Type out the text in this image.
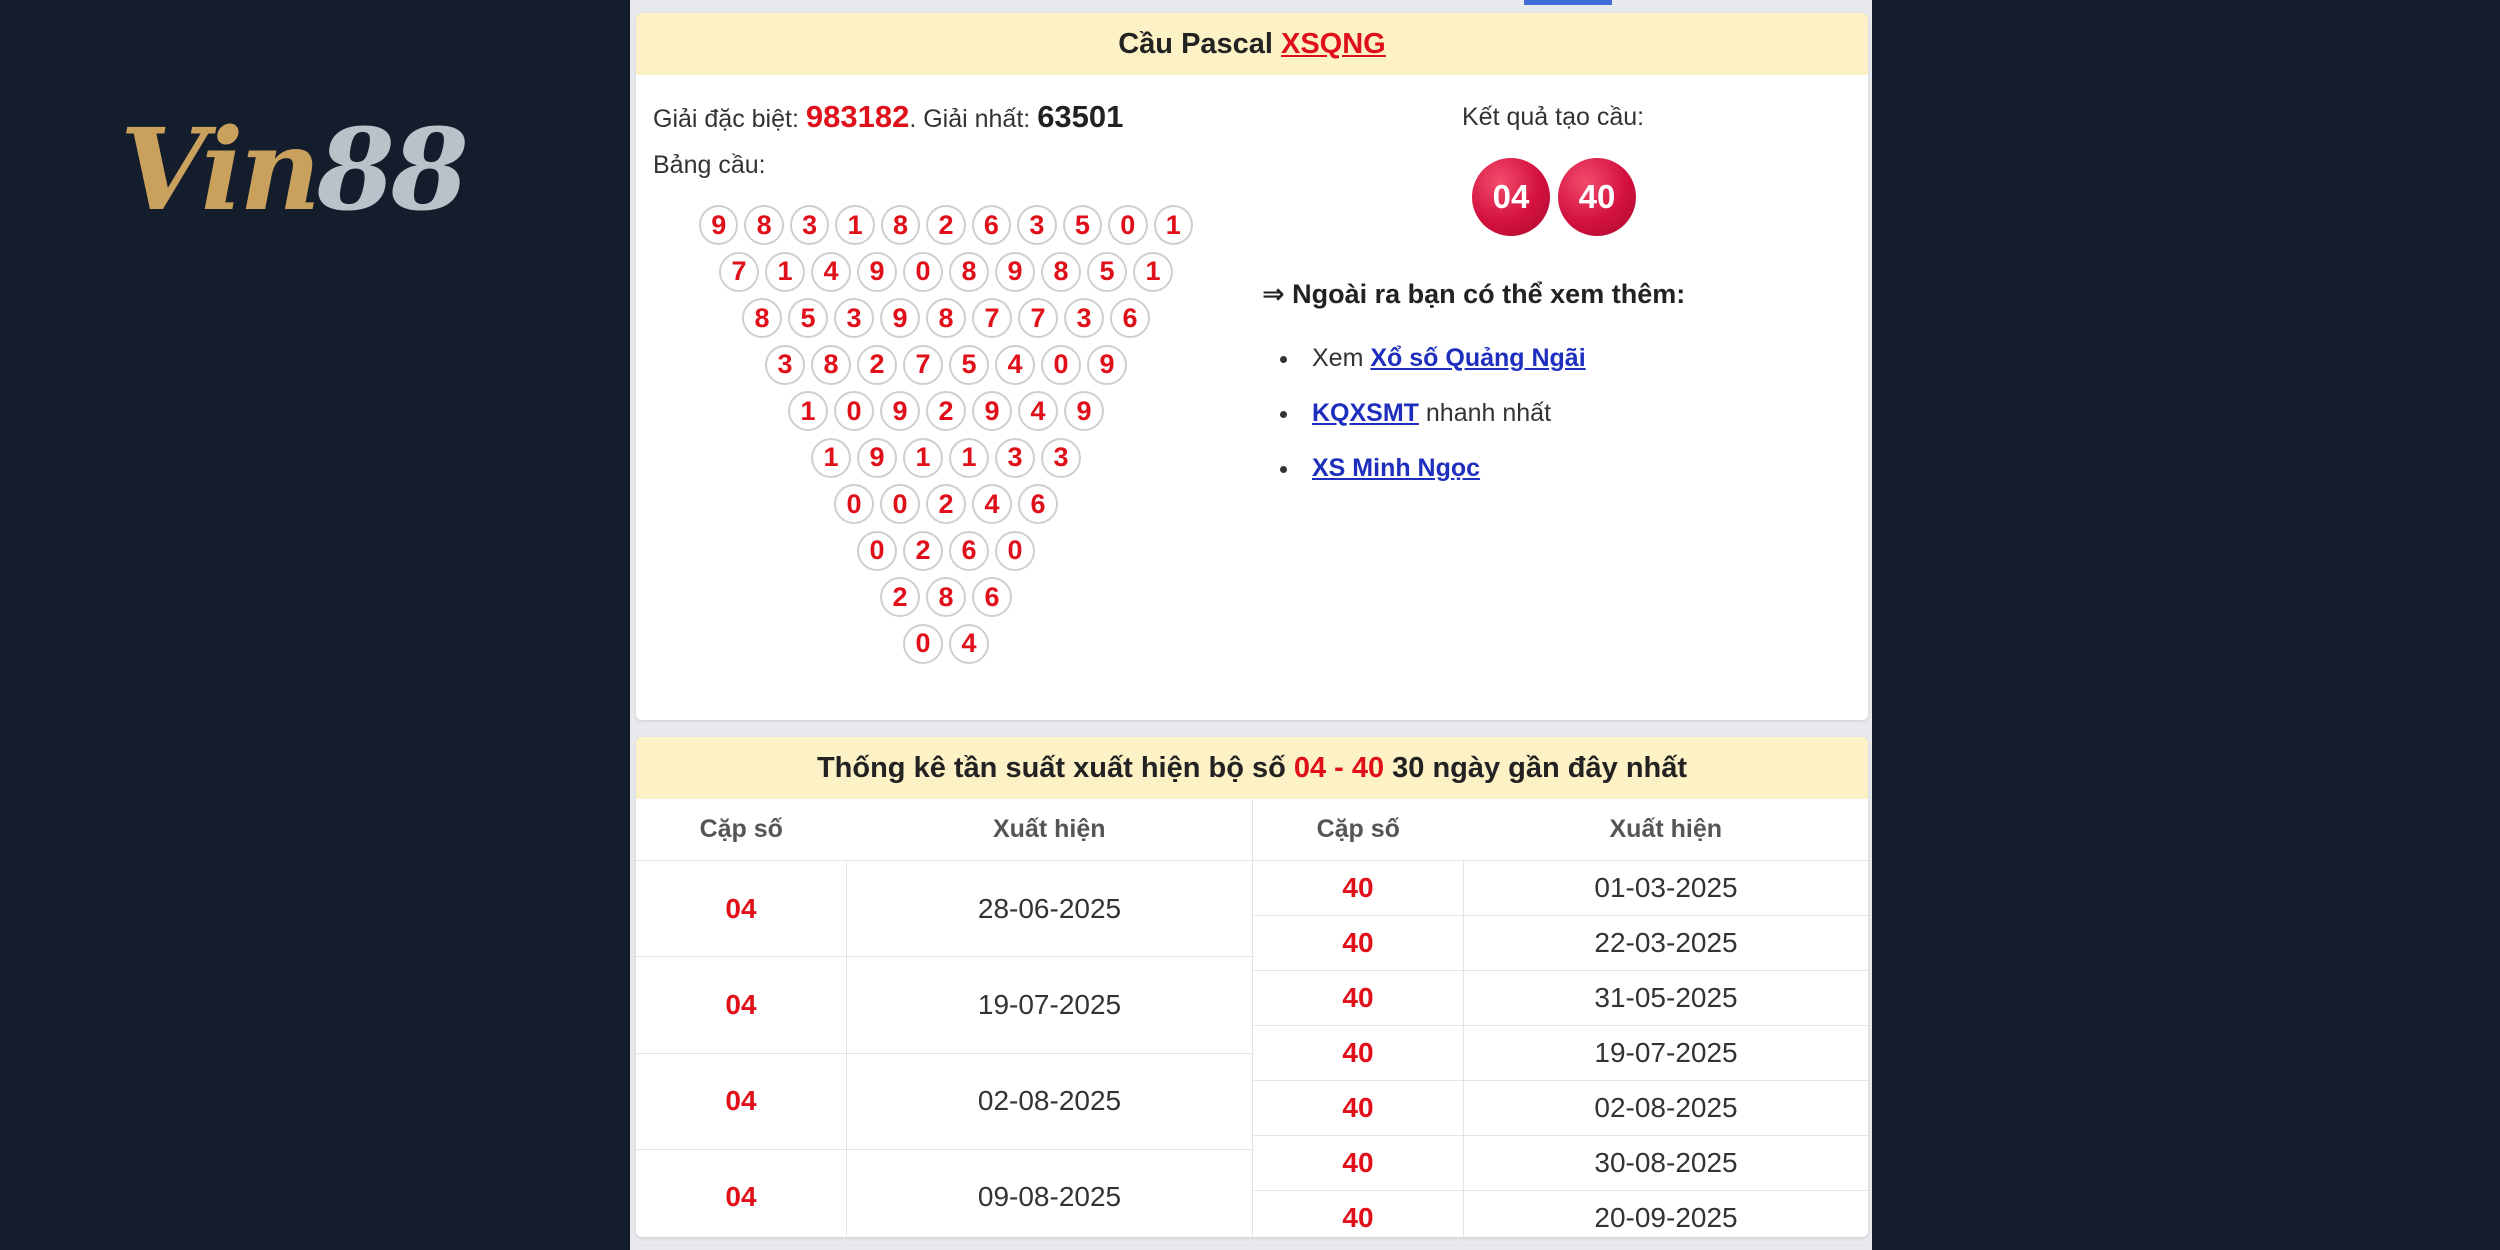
Vin88
Cầu Pascal XSQNG
Giải đặc biệt: 983182. Giải nhất: 63501
Bảng cầu:
9	8	3	1	8	2	6	3	5	0	1
7	1	4	9	0	8	9	8	5	1
8	5	3	9	8	7	7	3	6
3	8	2	7	5	4	0	9
1	0	9	2	9	4	9
1	9	1	1	3	3
0	0	2	4	6
0	2	6	0
2	8	6
0	4
Kết quả tạo cầu:
04	40
⇒ Ngoài ra bạn có thể xem thêm:
Xem Xổ số Quảng Ngãi
KQXSMT nhanh nhất
XS Minh Ngọc
Thống kê tần suất xuất hiện bộ số 04 - 40 30 ngày gần đây nhất
Cặp số	Xuất hiện
04	28-06-2025
04	19-07-2025
04	02-08-2025
04	09-08-2025
Cặp số	Xuất hiện
40	01-03-2025
40	22-03-2025
40	31-05-2025
40	19-07-2025
40	02-08-2025
40	30-08-2025
40	20-09-2025
